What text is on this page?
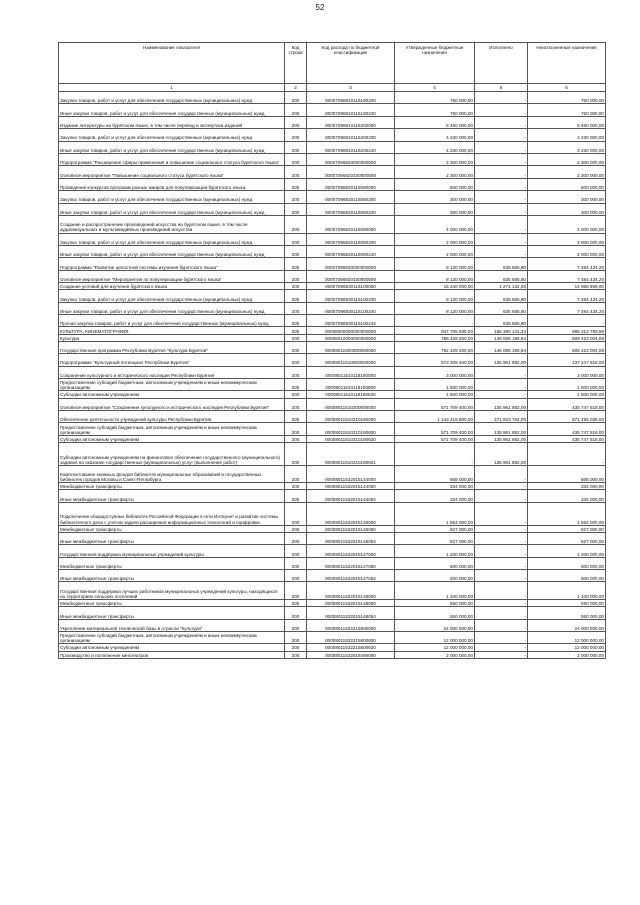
52
Наименование показателя	Код строки	Код расхода по бюджетной классификации	Утвержденные бюджетные назначения	Исполнено	Неисполненные назначения
1	2	3	4	5	6
Закупка товаров, работ и услуг для обеспечения государственных (муниципальных) нужд	200	00007096810116190200	750 000,00	-	750 000,00
Иные закупки товаров, работ и услуг для обеспечения государственных (муниципальных) нужд	200	00007096810116190240	750 000,00	-	750 000,00
Издание литературы на бурятском языке, в том числе перевод и экспертиза изданий	200	00007096810116200000	8 460 000,00	-	8 460 000,00
Закупка товаров, работ и услуг для обеспечения государственных (муниципальных) нужд	200	00007096810116200200	4 230 000,00	-	4 230 000,00
Иные закупки товаров, работ и услуг для обеспечения государственных (муниципальных) нужд	200	00007096810116200240	4 230 000,00	-	4 230 000,00
Подпрограмма "Расширение сферы применения и повышение социального статуса бурятского языка"	200	00007096820000000000	2 300 000,00	-	2 300 000,00
Основное мероприятие "Повышение социального статуса бурятского языка"	200	00007096820100000000	2 300 000,00	-	2 300 000,00
Проведение конкурсов программ разных жанров для популяризации бурятского языка	200	00007096820116080000	600 000,00	-	600 000,00
Закупка товаров, работ и услуг для обеспечения государственных (муниципальных) нужд	200	00007096820116080200	300 000,00	-	300 000,00
Иные закупки товаров, работ и услуг для обеспечения государственных (муниципальных) нужд	200	00007096820116080240	300 000,00	-	300 000,00
Создание и распространение произведений искусства на бурятском языке, в том числе аудиовизуальных и мультимедийных произведений искусства	200	00007096820116090000	4 000 000,00	-	4 000 000,00
Закупка товаров, работ и услуг для обеспечения государственных (муниципальных) нужд	200	00007096820116090200	2 000 000,00	-	2 000 000,00
Иные закупки товаров, работ и услуг для обеспечения государственных (муниципальных) нужд	200	00007096820116090240	2 000 000,00	-	2 000 000,00
Подпрограмма "Развитие целостной системы изучения бурятского языка"	200	00007096830000000000	8 120 000,00	635 565,80	7 484 434,20
Основное мероприятие "Мероприятия по популяризации бурятского языка"	200	00007096830100000000	8 120 000,00	635 565,80	7 484 434,20
Создание условий для изучения бурятского языка	200	00007096830116100000	16 240 000,00	1 271 132,00	14 968 868,00
Закупка товаров, работ и услуг для обеспечения государственных (муниципальных) нужд	200	00007096830116100200	8 120 000,00	635 565,80	7 484 434,20
Иные закупки товаров, работ и услуг для обеспечения государственных (муниципальных) нужд	200	00007096830116100240	8 120 000,00	635 565,80	7 484 434,20
Прочая закупка товаров, работ и услуг для обеспечения государственных (муниципальных) нужд	200	00007096830116100244	-	635 565,80	-
КУЛЬТУРА, КИНЕМАТОГРАФИЯ	200	00008000000000000000	847 708 935,00	158 396 131,34	689 312 793,66
Культура	200	00008010000000000000	755 429 200,00	146 006 195,94	609 423 004,06
Государственная программа Республики Бурятия "Культура Бурятии"	200	00008011500000000000	752 429 200,00	146 006 195,94	606 423 004,06
Подпрограмма "Культурный потенциал Республики Бурятия"	200	00008011510000000000	573 209 400,00	135 961 882,00	437 247 518,00
Сохранение культурного и исторического наследия Республики Бурятия	200	00008011510118180000	3 000 000,00	-	3 000 000,00
Предоставление субсидий бюджетным, автономным учреждениям и иным некоммерческим организациям	200	00008011510118180600	1 500 000,00	-	1 500 000,00
Субсидии автономным учреждениям	200	00008011510118180620	1 500 000,00	-	1 500 000,00
Основное мероприятие "Сохранение культурного и исторического наследия Республики Бурятия"	200	00008011510200000000	571 709 400,00	135 961 882,00	435 747 518,00
Обеспечение деятельности учреждений культуры Республики Бурятия	200	00008011510210180000	1 143 418 800,00	271 923 764,00	871 495 036,00
Предоставление субсидий бюджетным, автономным учреждениям и иным некоммерческим организациям	200	00008011510210180600	571 709 400,00	135 961 882,00	435 747 518,00
Субсидии автономным учреждениям	200	00008011510210180620	571 709 400,00	135 961 882,00	435 747 518,00
Субсидии автономным учреждениям на финансовое обеспечение государственного (муниципального) задания на оказание государственных (муниципальных) услуг (выполнение работ)	200	00008011510210180621	-	135 961 882,00	-
Комплектование книжных фондов библиотек муниципальных образований и государственных библиотек городов Москвы и Санкт-Петербурга	200	00008011532015144000	668 000,00	-	668 000,00
Межбюджетные трансферты	200	00008011532015144050	334 000,00	-	334 000,00
Иные межбюджетные трансферты	200	00008011532015144054	334 000,00	-	334 000,00
Подключение общедоступных библиотек Российской Федерации к сети Интернет и развитие системы библиотечного дела с учетом задачи расширения информационных технологий и оцифровки	200	00008011532015146000	1 654 000,00	-	1 654 000,00
Межбюджетные трансферты	200	00008011532015146050	827 000,00	-	827 000,00
Иные межбюджетные трансферты	200	00008011532015146054	827 000,00	-	827 000,00
Государственная поддержка муниципальных учреждений культуры	200	00008011532015147000	1 200 000,00	-	1 200 000,00
Межбюджетные трансферты	200	00008011532015147050	600 000,00	-	600 000,00
Иные межбюджетные трансферты	200	00008011532015147054	600 000,00	-	600 000,00
Государственная поддержка лучших работников муниципальных учреждений культуры, находящихся на территориях сельских поселений	200	00008011532015148000	1 100 000,00	-	1 100 000,00
Межбюджетные трансферты	200	00008011532015148050	550 000,00	-	550 000,00
Иные межбюджетные трансферты	200	00008011532015148054	550 000,00	-	550 000,00
Укрепление материальной технической базы в отрасли "Культура"	200	00008011532215800000	24 000 000,00	-	24 000 000,00
Предоставление субсидий бюджетным, автономным учреждениям и иным некоммерческим организациям	200	00008011532215800600	12 000 000,00	-	12 000 000,00
Субсидии автономным учреждениям	200	00008011532215800620	12 000 000,00	-	12 000 000,00
Производство и пополнение кинотеатров	200	00008011532018490000	2 000 000,00	-	2 000 000,00
